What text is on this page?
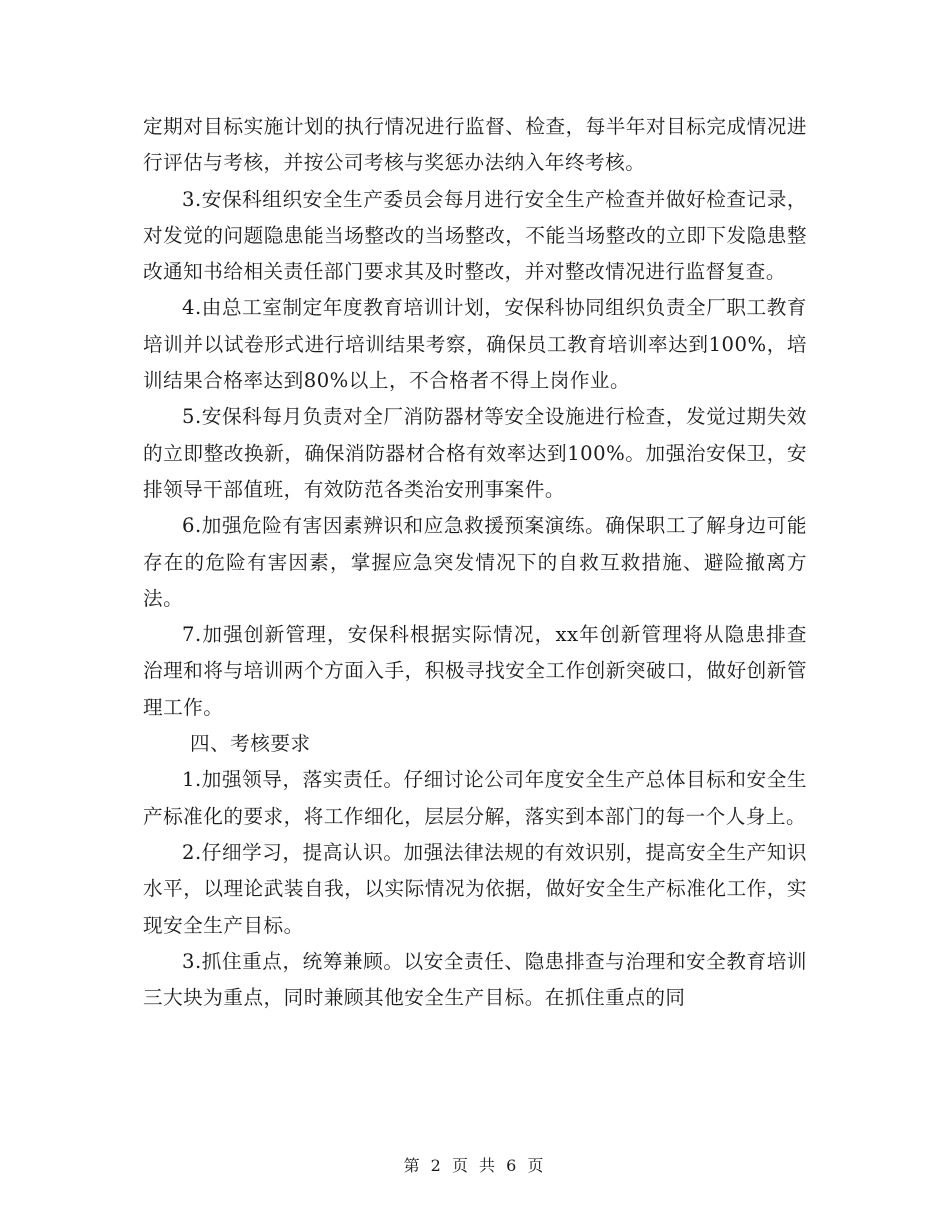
定期对目标实施计划的执行情况进行监督、检查，每半年对目标完成情况进行评估与考核，并按公司考核与奖惩办法纳入年终考核。

3.安保科组织安全生产委员会每月进行安全生产检查并做好检查记录，对发觉的问题隐患能当场整改的当场整改，不能当场整改的立即下发隐患整改通知书给相关责任部门要求其及时整改，并对整改情况进行监督复查。

4.由总工室制定年度教育培训计划，安保科协同组织负责全厂职工教育培训并以试卷形式进行培训结果考察，确保员工教育培训率达到100%，培训结果合格率达到80%以上，不合格者不得上岗作业。

5.安保科每月负责对全厂消防器材等安全设施进行检查，发觉过期失效的立即整改换新，确保消防器材合格有效率达到100%。加强治安保卫，安排领导干部值班，有效防范各类治安刑事案件。

6.加强危险有害因素辨识和应急救援预案演练。确保职工了解身边可能存在的危险有害因素，掌握应急突发情况下的自救互救措施、避险撤离方法。

7.加强创新管理，安保科根据实际情况，xx年创新管理将从隐患排查治理和将与培训两个方面入手，积极寻找安全工作创新突破口，做好创新管理工作。

四、考核要求

1.加强领导，落实责任。仔细讨论公司年度安全生产总体目标和安全生产标准化的要求，将工作细化，层层分解，落实到本部门的每一个人身上。

2.仔细学习，提高认识。加强法律法规的有效识别，提高安全生产知识水平，以理论武装自我，以实际情况为依据，做好安全生产标准化工作，实现安全生产目标。

3.抓住重点，统筹兼顾。以安全责任、隐患排查与治理和安全教育培训三大块为重点，同时兼顾其他安全生产目标。在抓住重点的同

第 2 页 共 6 页
